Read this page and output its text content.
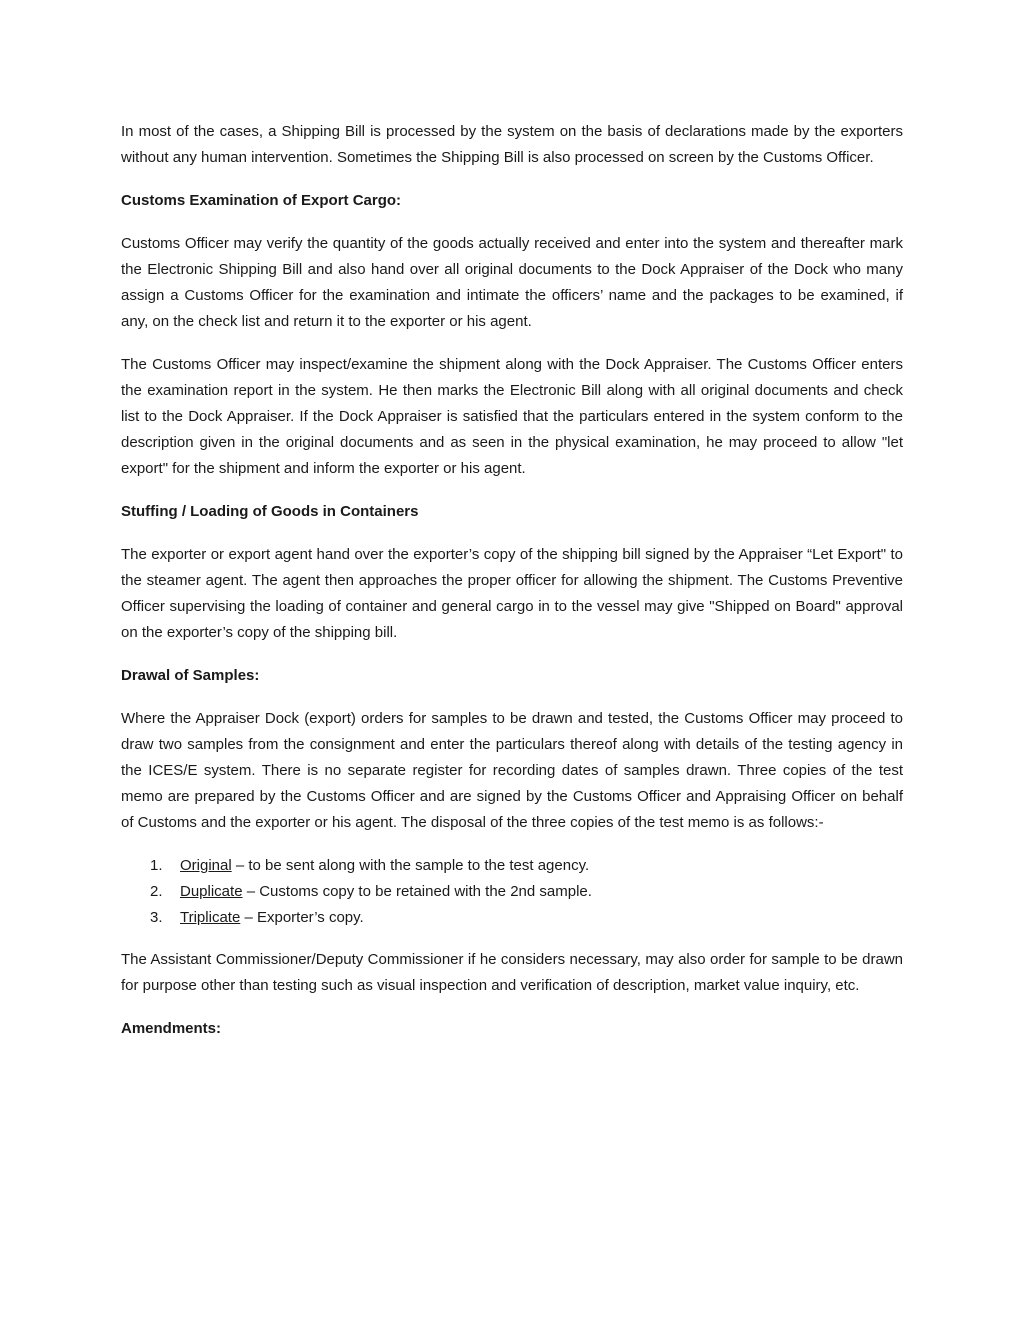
In most of the cases, a Shipping Bill is processed by the system on the basis of declarations made by the exporters without any human intervention. Sometimes the Shipping Bill is also processed on screen by the Customs Officer.

Customs Examination of Export Cargo:

Customs Officer may verify the quantity of the goods actually received and enter into the system and thereafter mark the Electronic Shipping Bill and also hand over all original documents to the Dock Appraiser of the Dock who many assign a Customs Officer for the examination and intimate the officers’ name and the packages to be examined, if any, on the check list and return it to the exporter or his agent.

The Customs Officer may inspect/examine the shipment along with the Dock Appraiser. The Customs Officer enters the examination report in the system. He then marks the Electronic Bill along with all original documents and check list to the Dock Appraiser. If the Dock Appraiser is satisfied that the particulars entered in the system conform to the description given in the original documents and as seen in the physical examination, he may proceed to allow "let export" for the shipment and inform the exporter or his agent.

Stuffing / Loading of Goods in Containers

The exporter or export agent hand over the exporter’s copy of the shipping bill signed by the Appraiser “Let Export" to the steamer agent. The agent then approaches the proper officer for allowing the shipment. The Customs Preventive Officer supervising the loading of container and general cargo in to the vessel may give "Shipped on Board" approval on the exporter’s copy of the shipping bill.

Drawal of Samples:

Where the Appraiser Dock (export) orders for samples to be drawn and tested, the Customs Officer may proceed to draw two samples from the consignment and enter the particulars thereof along with details of the testing agency in the ICES/E system. There is no separate register for recording dates of samples drawn. Three copies of the test memo are prepared by the Customs Officer and are signed by the Customs Officer and Appraising Officer on behalf of Customs and the exporter or his agent. The disposal of the three copies of the test memo is as follows:-

1.	Original – to be sent along with the sample to the test agency.
2.	Duplicate – Customs copy to be retained with the 2nd sample.
3.	Triplicate – Exporter’s copy.

The Assistant Commissioner/Deputy Commissioner if he considers necessary, may also order for sample to be drawn for purpose other than testing such as visual inspection and verification of description, market value inquiry, etc.

Amendments:
